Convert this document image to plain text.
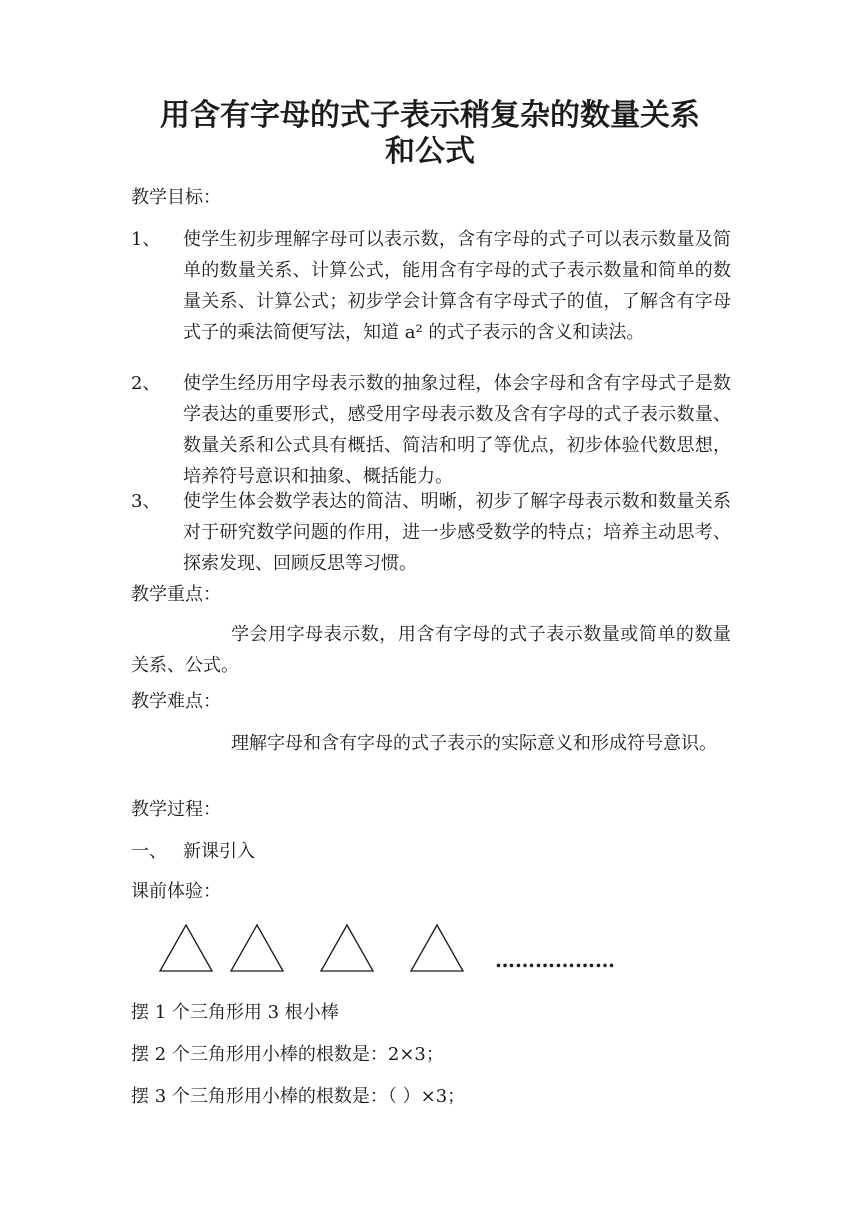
用含有字母的式子表示稍复杂的数量关系
和公式

教学目标：

1、 使学生初步理解字母可以表示数，含有字母的式子可以表示数量及简单的数量关系、计算公式，能用含有字母的式子表示数量和简单的数量关系、计算公式；初步学会计算含有字母式子的值，了解含有字母式子的乘法简便写法，知道 a² 的式子表示的含义和读法。

2、 使学生经历用字母表示数的抽象过程，体会字母和含有字母式子是数学表达的重要形式，感受用字母表示数及含有字母的式子表示数量、数量关系和公式具有概括、简洁和明了等优点，初步体验代数思想，培养符号意识和抽象、概括能力。

3、 使学生体会数学表达的简洁、明晰，初步了解字母表示数和数量关系对于研究数学问题的作用，进一步感受数学的特点；培养主动思考、探索发现、回顾反思等习惯。

教学重点：

学会用字母表示数，用含有字母的式子表示数量或简单的数量关系、公式。

教学难点：

理解字母和含有字母的式子表示的实际意义和形成符号意识。

教学过程：

一、 新课引入

课前体验：

………………

摆 1 个三角形用 3 根小棒

摆 2 个三角形用小棒的根数是：2×3；

摆 3 个三角形用小棒的根数是：（ ）×3；
